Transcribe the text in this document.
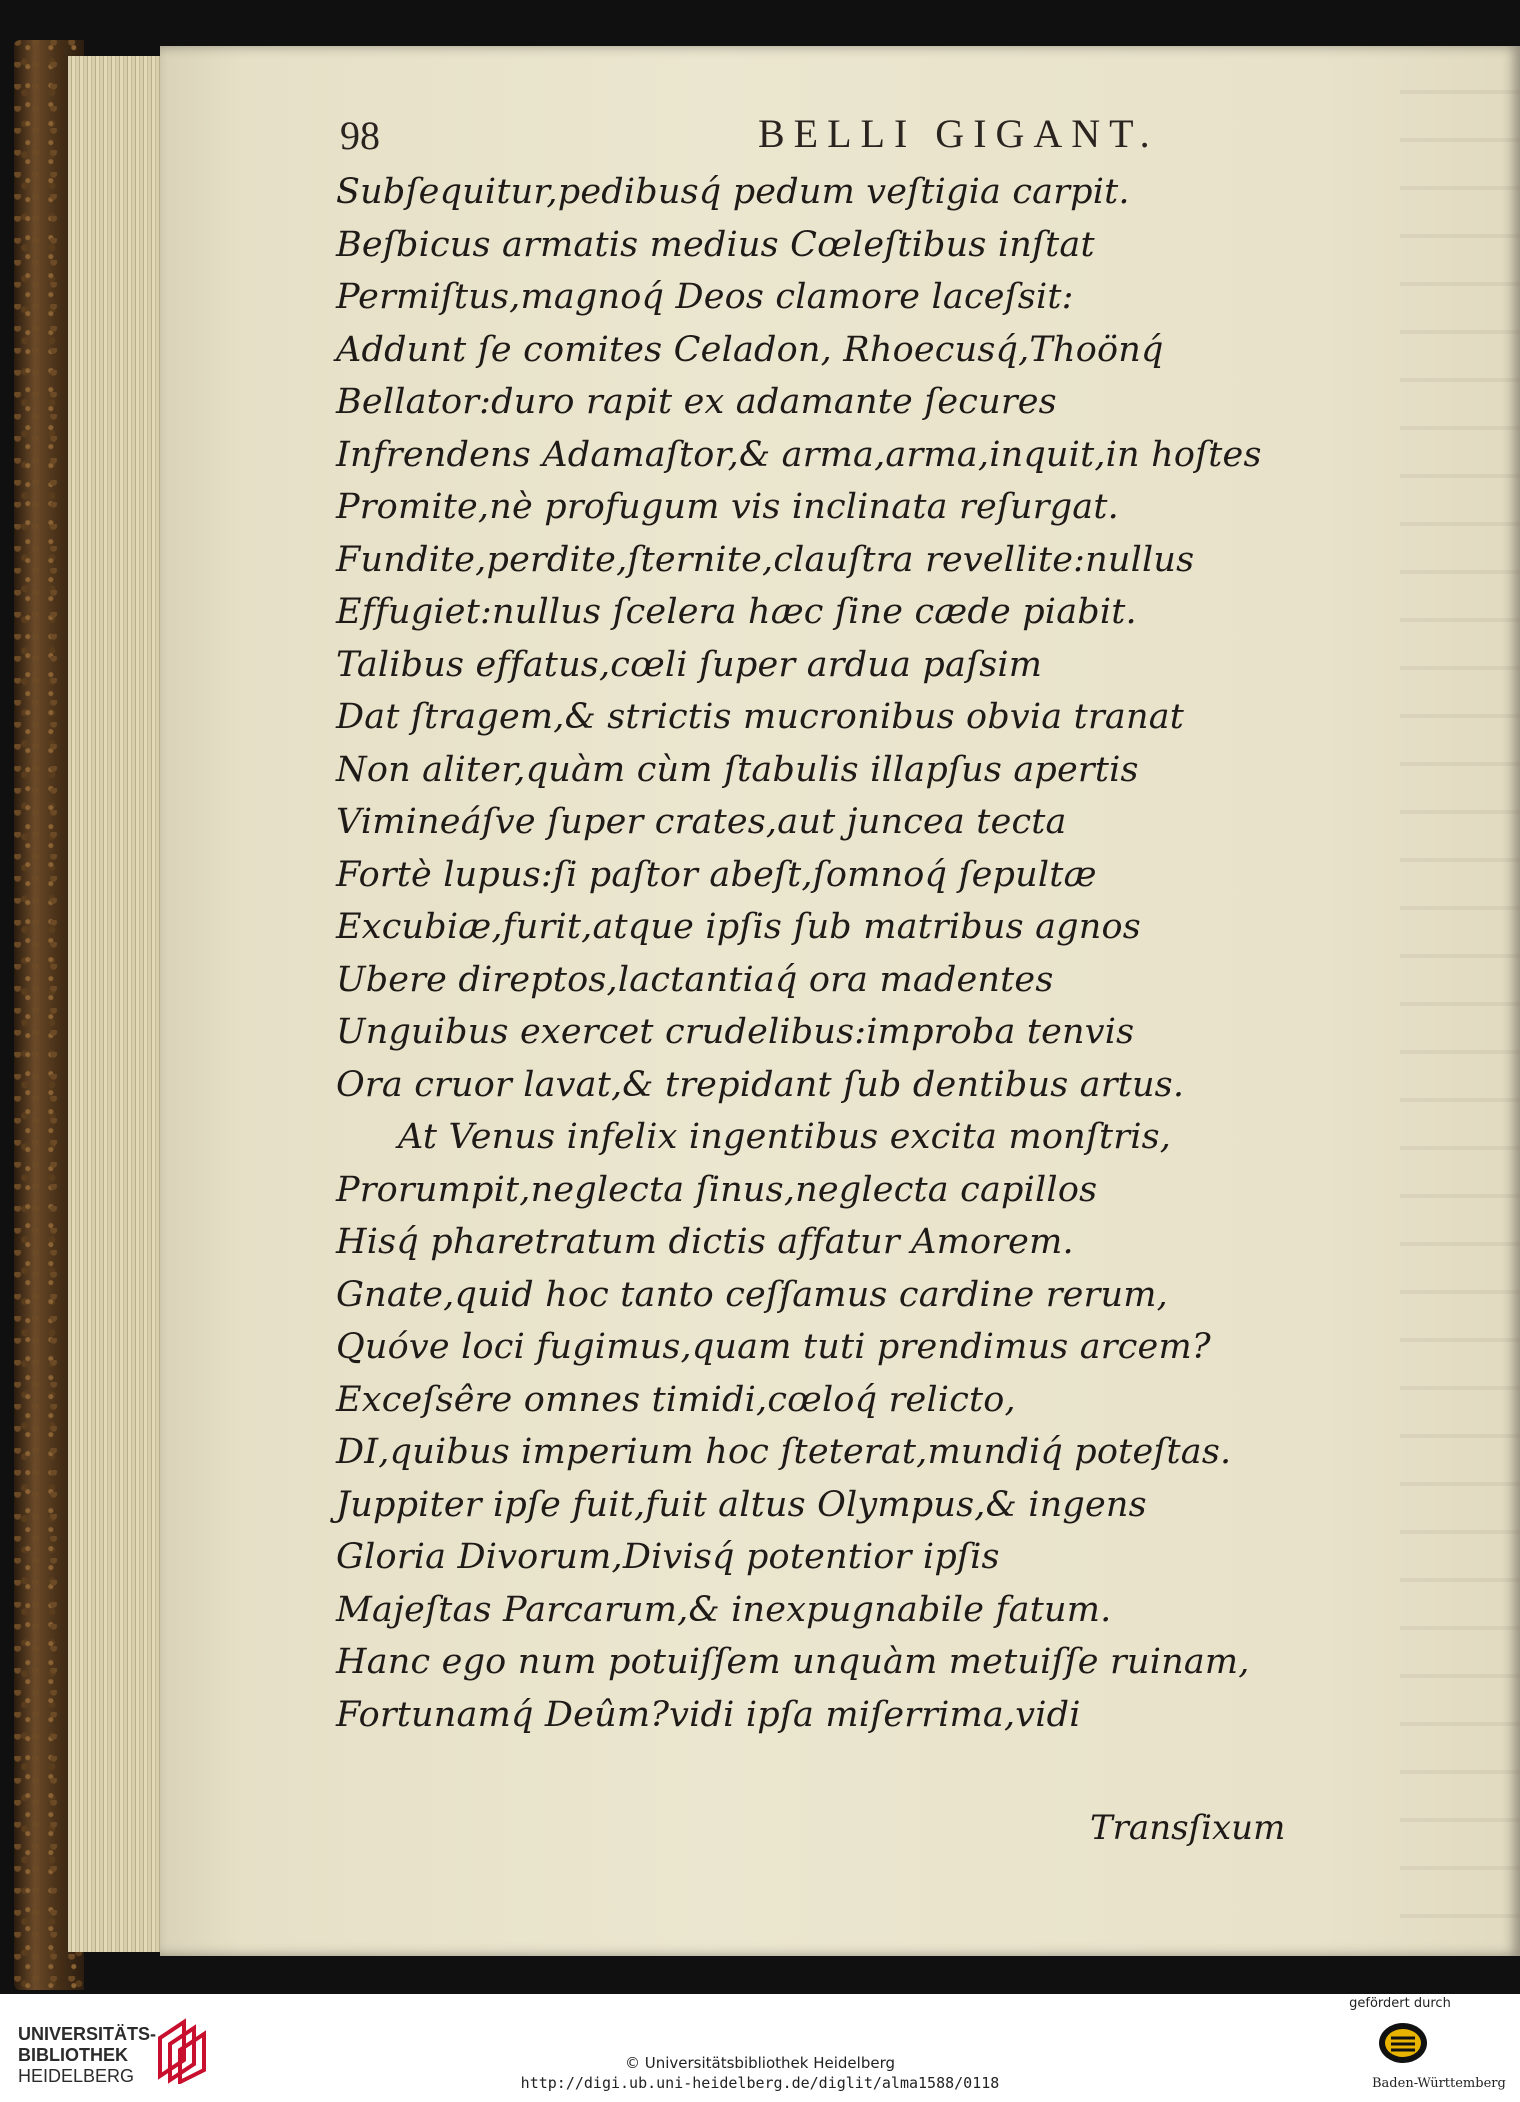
98	BELLI GIGANT.
Subſequitur,pedibusq́ pedum veſtigia carpit.
Beſbicus armatis medius Cœleſtibus inſtat
Permiſtus,magnoq́ Deos clamore laceſsit:
Addunt ſe comites Celadon, Rhoecusq́,Thoönq́
Bellator:duro rapit ex adamante ſecures
Infrendens Adamaſtor,& arma,arma,inquit,in hoſtes
Promite,nè profugum vis inclinata reſurgat.
Fundite,perdite,ſternite,clauſtra revellite:nullus
Effugiet:nullus ſcelera hæc ſine cæde piabit.
Talibus effatus,cœli ſuper ardua paſsim
Dat ſtragem,& strictis mucronibus obvia tranat
Non aliter,quàm cùm ſtabulis illapſus apertis
Vimineáſve ſuper crates,aut juncea tecta
Fortè lupus:ſi paſtor abeſt,ſomnoq́ ſepultæ
Excubiæ,furit,atque ipſis ſub matribus agnos
Ubere direptos,lactantiaq́ ora madentes
Unguibus exercet crudelibus:improba tenvis
Ora cruor lavat,& trepidant ſub dentibus artus.
At Venus infelix ingentibus excita monſtris,
Prorumpit,neglecta ſinus,neglecta capillos
Hisq́ pharetratum dictis affatur Amorem.
Gnate,quid hoc tanto ceſſamus cardine rerum,
Quóve loci fugimus,quam tuti prendimus arcem?
Exceſsêre omnes timidi,cœloq́ relicto,
DI,quibus imperium hoc ſteterat,mundiq́ poteſtas.
Juppiter ipſe fuit,fuit altus Olympus,& ingens
Gloria Divorum,Divisq́ potentior ipſis
Majeſtas Parcarum,& inexpugnabile fatum.
Hanc ego num potuiſſem unquàm metuiſſe ruinam,
Fortunamq́ Deûm?vidi ipſa miſerrima,vidi
Transſixum
UNIVERSITÄTS-
BIBLIOTHEK
HEIDELBERG
© Universitätsbibliothek Heidelberg
http://digi.ub.uni-heidelberg.de/diglit/alma1588/0118
gefördert durch
Baden-Württemberg
